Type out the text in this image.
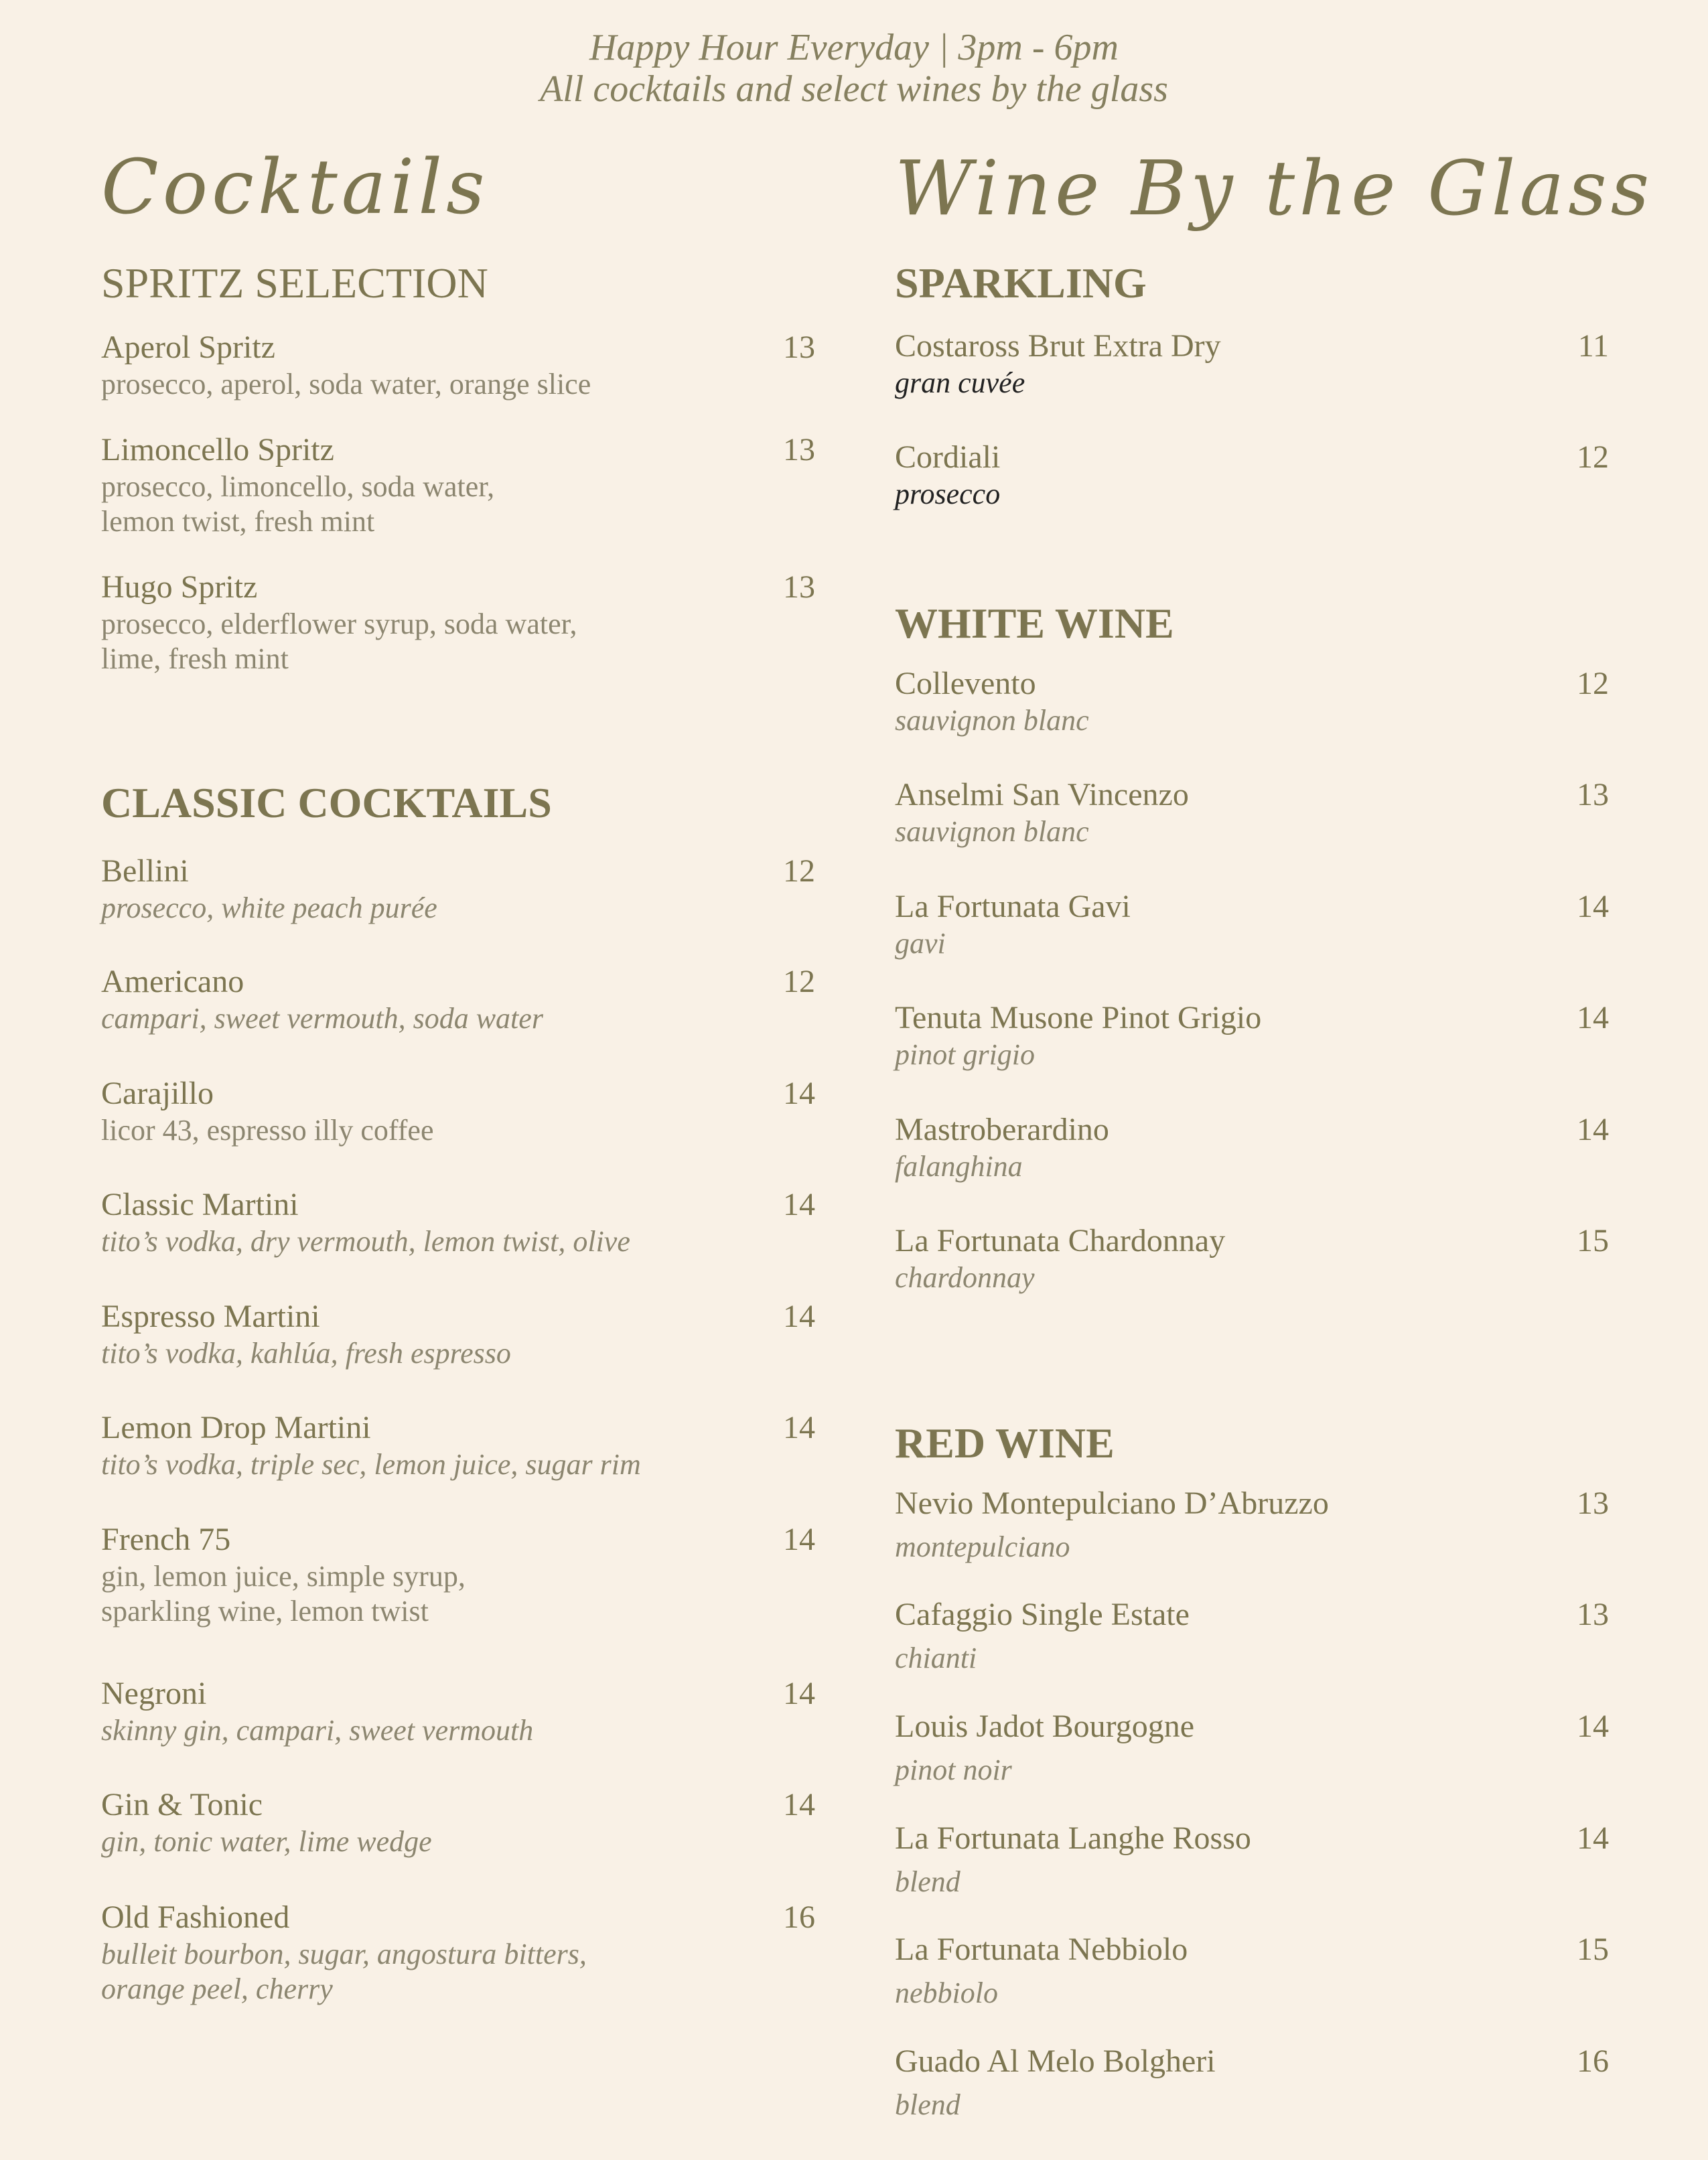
Happy Hour Everyday | 3pm - 6pm
All cocktails and select wines by the glass
Cocktails
SPRITZ SELECTION
Aperol Spritz	13
prosecco, aperol, soda water, orange slice
Limoncello Spritz	13
prosecco, limoncello, soda water,
lemon twist, fresh mint
Hugo Spritz	13
prosecco, elderflower syrup, soda water,
lime, fresh mint
CLASSIC COCKTAILS
Bellini	12
prosecco, white peach purée
Americano	12
campari, sweet vermouth, soda water
Carajillo	14
licor 43, espresso illy coffee
Classic Martini	14
tito’s vodka, dry vermouth, lemon twist, olive
Espresso Martini	14
tito’s vodka, kahlúa, fresh espresso
Lemon Drop Martini	14
tito’s vodka, triple sec, lemon juice, sugar rim
French 75	14
gin, lemon juice, simple syrup,
sparkling wine, lemon twist
Negroni	14
skinny gin, campari, sweet vermouth
Gin & Tonic	14
gin, tonic water, lime wedge
Old Fashioned	16
bulleit bourbon, sugar, angostura bitters,
orange peel, cherry
Wine By the Glass
SPARKLING
Costaross Brut Extra Dry	11
gran cuvée
Cordiali	12
prosecco
WHITE WINE
Collevento	12
sauvignon blanc
Anselmi San Vincenzo	13
sauvignon blanc
La Fortunata Gavi	14
gavi
Tenuta Musone Pinot Grigio	14
pinot grigio
Mastroberardino	14
falanghina
La Fortunata Chardonnay	15
chardonnay
RED WINE
Nevio Montepulciano D’Abruzzo	13
montepulciano
Cafaggio Single Estate	13
chianti
Louis Jadot Bourgogne	14
pinot noir
La Fortunata Langhe Rosso	14
blend
La Fortunata Nebbiolo	15
nebbiolo
Guado Al Melo Bolgheri	16
blend
